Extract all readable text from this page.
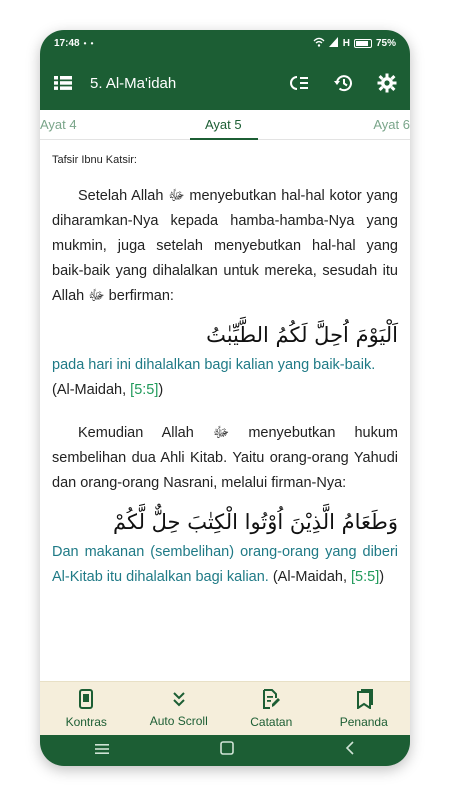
17:48 • •	H	75%
5. Al-Ma'idah
Ayat 4	Ayat 5	Ayat 6
Tafsir Ibnu Katsir:

Setelah Allah ﷻ menyebutkan hal-hal kotor yang diharamkan-Nya kepada hamba-hamba-Nya yang mukmin, juga setelah menyebutkan hal-hal yang baik-baik yang dihalalkan untuk mereka, sesudah itu Allah ﷻ berfirman:

اَلْيَوْمَ اُحِلَّ لَكُمُ الطَّيِّبٰتُ

pada hari ini dihalalkan bagi kalian yang baik-baik. (Al-Maidah, [5:5])

Kemudian Allah ﷻ menyebutkan hukum sembelihan dua Ahli Kitab. Yaitu orang-orang Yahudi dan orang-orang Nasrani, melalui firman-Nya:

وَطَعَامُ الَّذِيْنَ اُوْتُوا الْكِتٰبَ حِلٌّ لَّكُمْ

Dan makanan (sembelihan) orang-orang yang diberi Al-Kitab itu dihalalkan bagi kalian. (Al-Maidah, [5:5])

Kontras	Auto Scroll	Catatan	Penanda
